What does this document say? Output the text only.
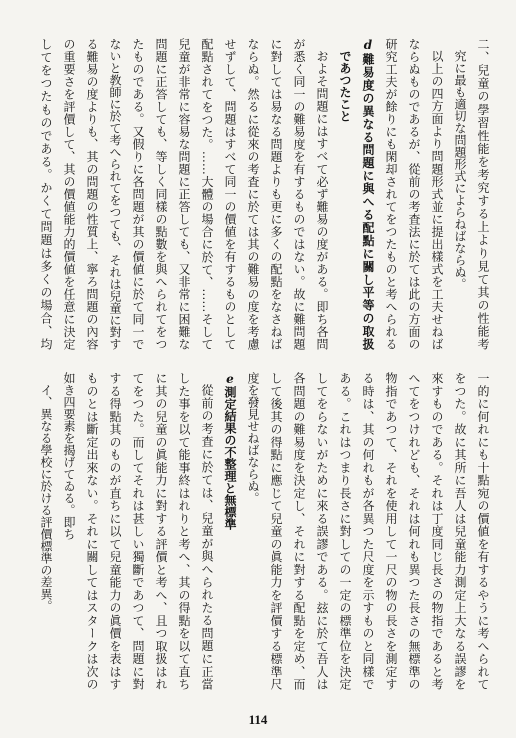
二、兒童の學習性能を考究する上より見て其の性能考
究に最も適切な問題形式によらねばならぬ。
以上の四方面より問題形式並に提出樣式を工夫せねば
ならぬものであるが、從前の考査法に於ては此の方面の
研究工夫が餘りにも閑却されてをつたものと考へられる
d難易度の異なる問題に與へる配點に關し平等の取扱
であつたこと
およそ問題にはすべて必ず難易の度がある。即ち各問
が悉く同一の難易度を有するものではない。故に難問題
に對しては易なる問題よりも更に多くの配點をなさねば
ならぬ。然るに從來の考査に於ては其の難易の度を考慮
せずして、問題はすべて同一の價値を有するものとして
配點されてをつた。……大體の場合に於て、……そして
兒童が非常に容易な問題に正答しても、又非常に困難な
問題に正答しても、等しく同樣の點數を與へられてをつ
たものである。又假りに各問題が其の價値に於て同一で
ないと教師に於て考へられてをつても、それは兒童に對す
る難易の度よりも、其の問題の性質上、寧ろ問題の內容
の重要さを評價して、其の價値能力的價値を任意に決定
してをつたものである。かくて問題は多くの場合、均
一的に何れにも十點宛の價値を有するやうに考へられて
をつた。故に其所に吾人は兒童能力測定上大なる誤謬を
來すものである。それは丁度同じ長さの物指であると考
へてをつけれども、それは何れも異つた長さの無標準の
物指であつて、それを使用して一尺の物の長さを測定す
る時は、其の何れもが各異つた尺度を示すものと同樣で
ある。これはつまり長さに對しての一定の標準位を決定
してをらないがために來る誤謬である。玆に於て吾人は
各問題の難易度を決定し、それに對する配點を定め、而
して後其の得點に應じて兒童の眞能力を評價する標準尺
度を發見せねばならぬ。
e測定結果の不整理と無標準
從前の考査に於ては、兒童が與へられたる問題に正當
した事を以て能事終はれりと考へ、其の得點を以て直ち
に其の兒童の眞能力に對する評價と考へ、且つ取扱はれ
てをつた。而してそれは甚しい獨斷であつて、問題に對
する得點其のものが直ちに以て兒童能力の眞價を表はす
ものとは斷定出來ない。それに關してはスタークは次の
如き四要素を揭げてゐる。即ち
イ、異なる學校に於ける評價標準の差異。
114
